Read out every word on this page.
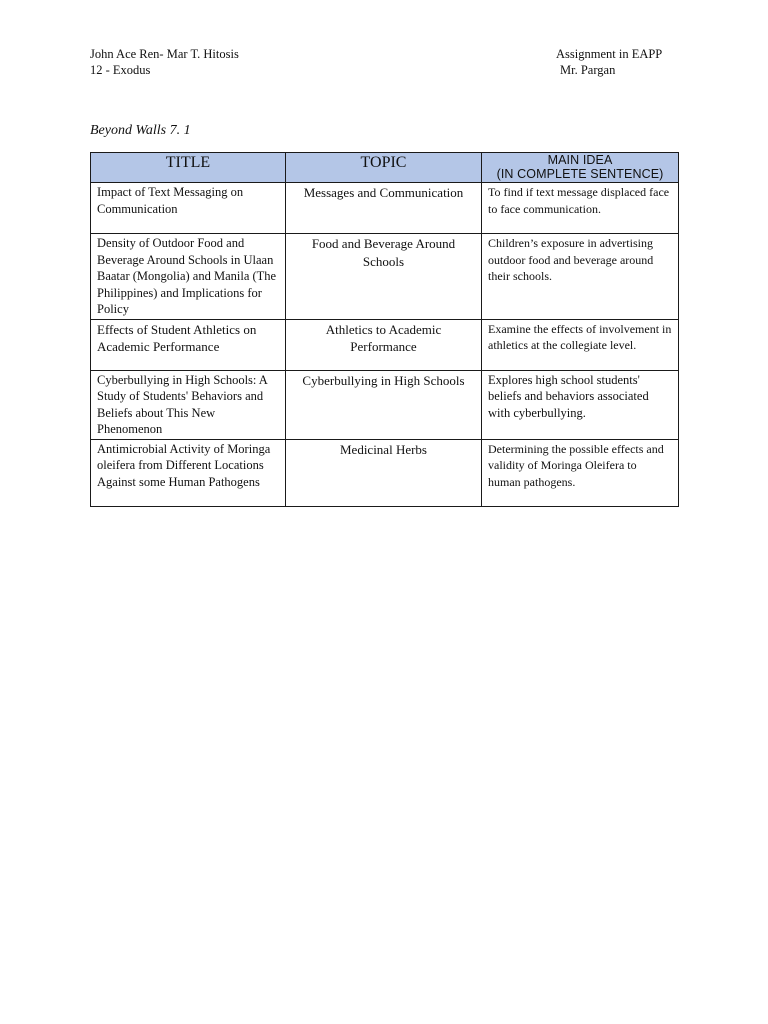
John Ace Ren- Mar T. Hitosis
12 - Exodus
Assignment in EAPP
Mr. Pargan
Beyond Walls 7. 1
TITLE	TOPIC	MAIN IDEA
(IN COMPLETE SENTENCE)

Impact of Text Messaging on Communication	Messages and Communication	To find if text message displaced face to face communication.
Density of Outdoor Food and Beverage Around Schools in Ulaan Baatar (Mongolia) and Manila (The Philippines) and Implications for Policy	Food and Beverage Around Schools	Children’s exposure in advertising outdoor food and beverage around their schools.
Effects of Student Athletics on Academic Performance	Athletics to Academic Performance	Examine the effects of involvement in athletics at the collegiate level.
Cyberbullying in High Schools: A Study of Students' Behaviors and Beliefs about This New Phenomenon	Cyberbullying in High Schools	Explores high school students' beliefs and behaviors associated with cyberbullying.
Antimicrobial Activity of Moringa oleifera from Different Locations Against some Human Pathogens	Medicinal Herbs	Determining the possible effects and validity of Moringa Oleifera to human pathogens.
